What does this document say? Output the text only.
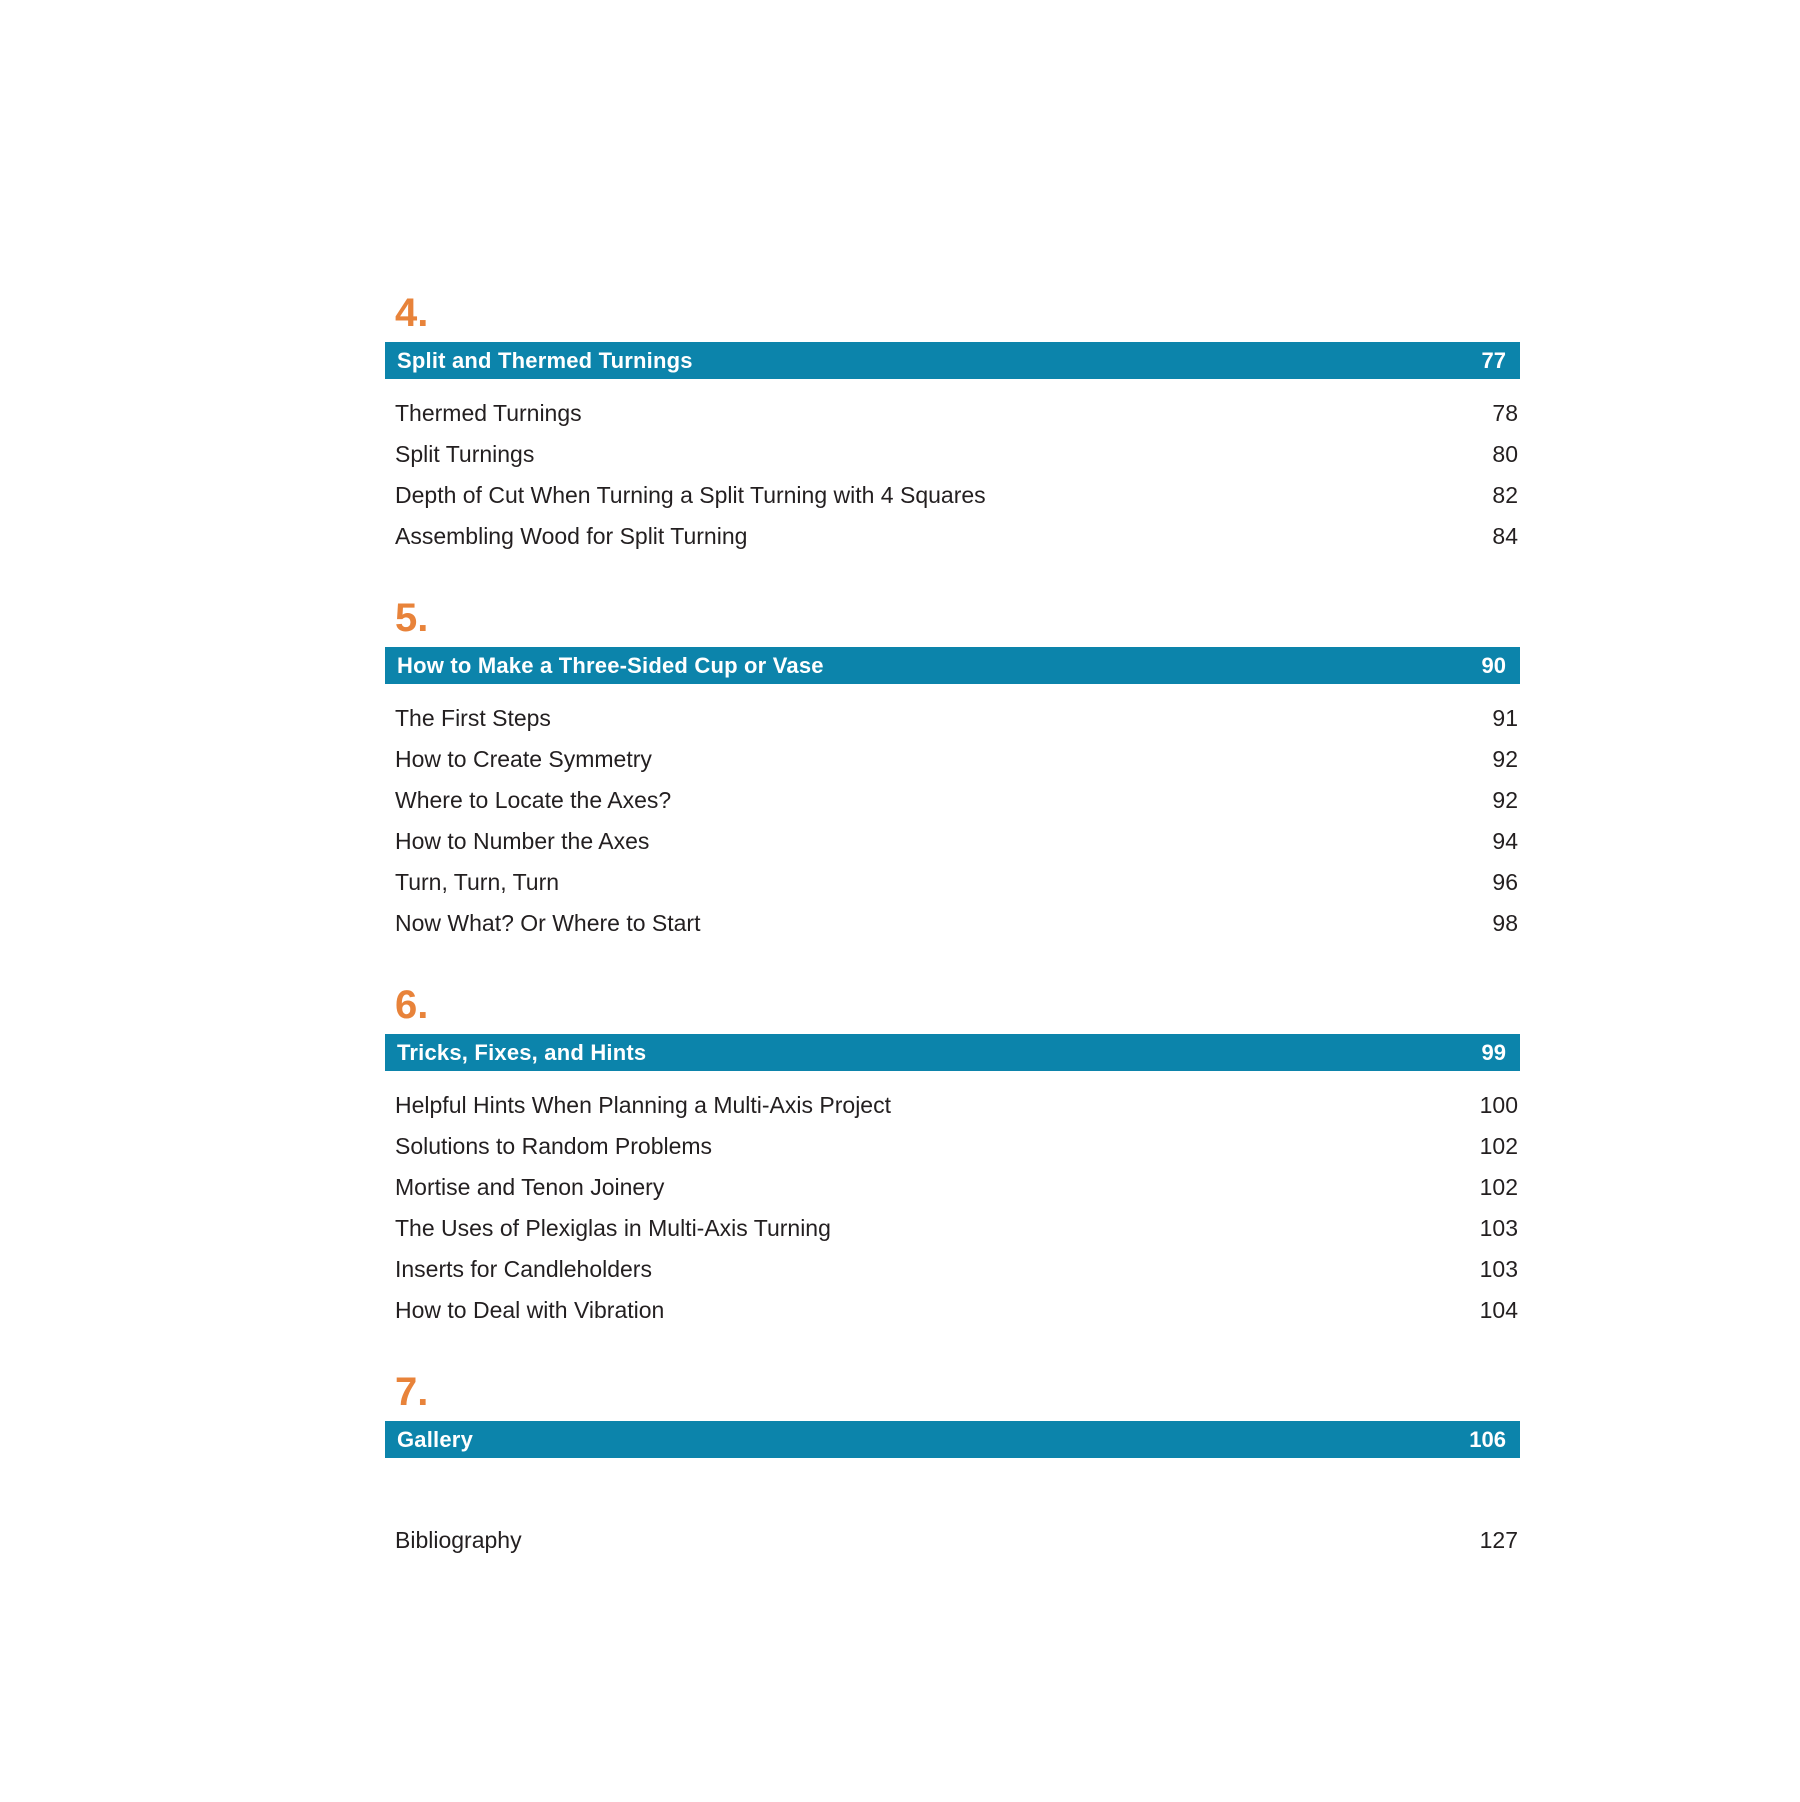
4.
Split and Thermed Turnings	77
Thermed Turnings .....	78
Split Turnings .....	80
Depth of Cut When Turning a Split Turning with 4 Squares .....	82
Assembling Wood for Split Turning .....	84
5.
How to Make a Three-Sided Cup or Vase	90
The First Steps .....	91
How to Create Symmetry .....	92
Where to Locate the Axes? .....	92
How to Number the Axes .....	94
Turn, Turn, Turn .....	96
Now What? Or Where to Start .....	98
6.
Tricks, Fixes, and Hints	99
Helpful Hints When Planning a Multi-Axis Project .....	100
Solutions to Random Problems .....	102
Mortise and Tenon Joinery .....	102
The Uses of Plexiglas in Multi-Axis Turning .....	103
Inserts for Candleholders .....	103
How to Deal with Vibration .....	104
7.
Gallery	106
Bibliography .....	127
